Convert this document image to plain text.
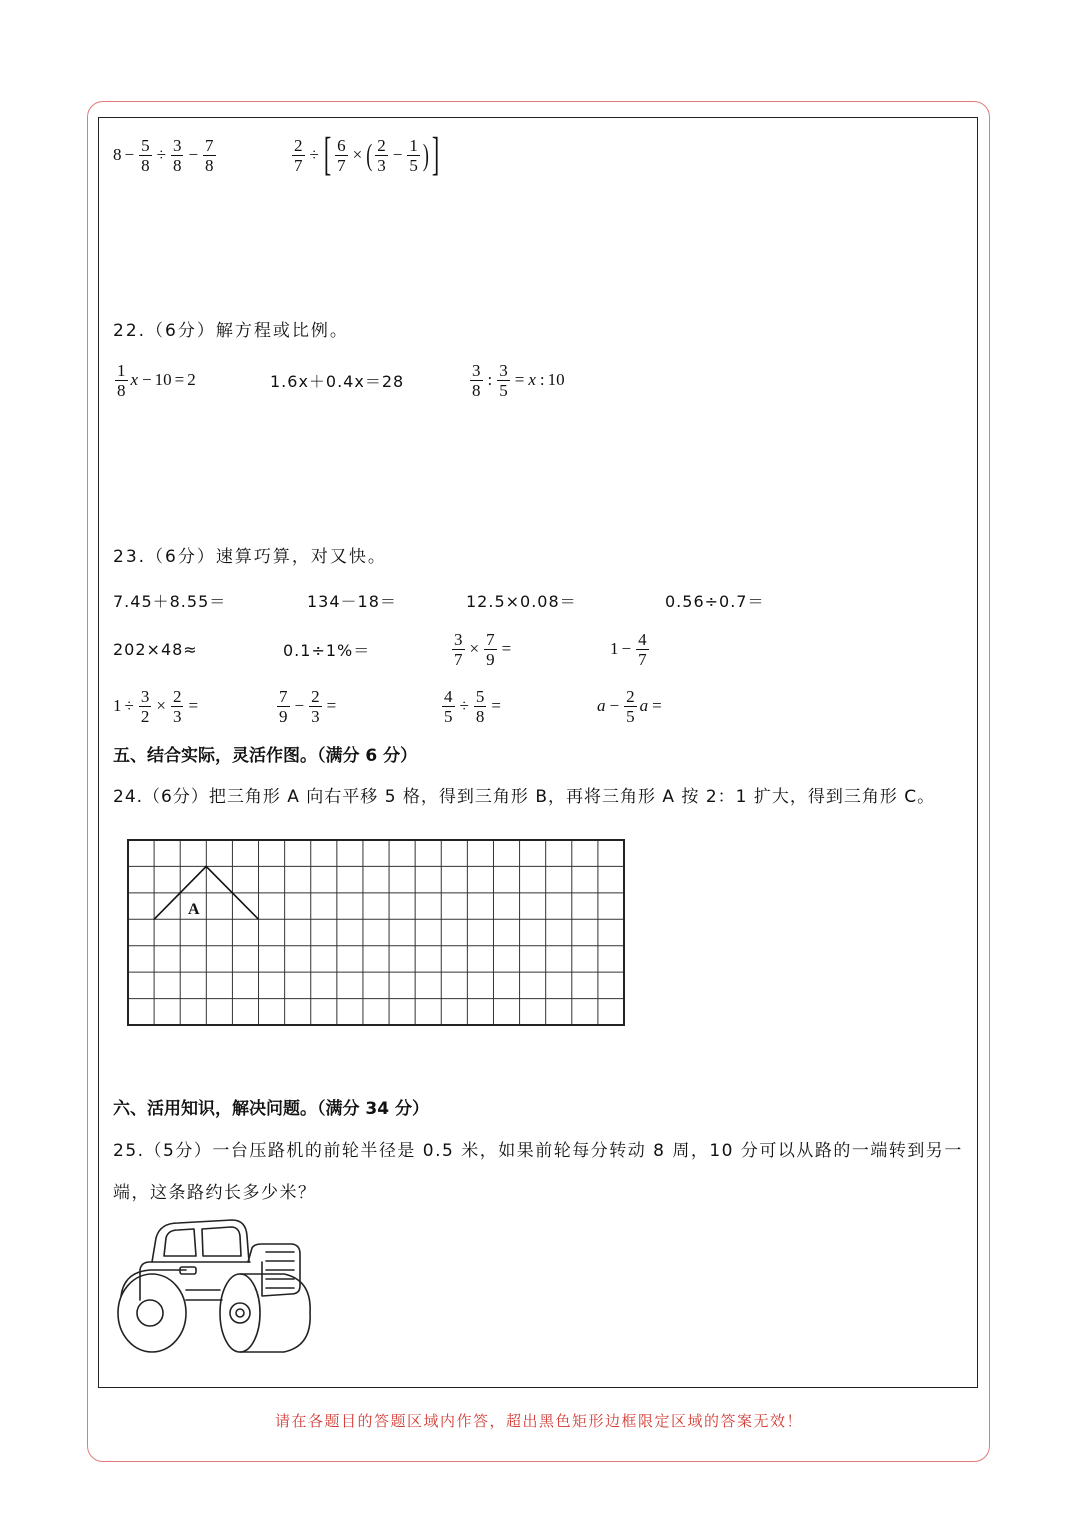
$8 - \frac{5}{8} \div \frac{3}{8} - \frac{7}{8}$	$\frac{2}{7}$ ÷ [ $\frac{6}{7}$ × ( $\frac{2}{3} - \frac{1}{5}$ ) ]
22.（6分）解方程或比例。
$\frac{1}{8}$ x − 10 = 2	1.6x＋0.4x＝28	$\frac{3}{8}$ : $\frac{3}{5} = x$ : 10
23.（6分）速算巧算，对又快。
7.45＋8.55＝	134－18＝	12.5×0.08＝	0.56÷0.7＝
202×48≈	0.1÷1%＝	$\frac{3}{7} \times \frac{7}{9}$ =	$1 - \frac{4}{7}$
$1 \div \frac{3}{2} \times \frac{2}{3}$ =	$\frac{7}{9} - \frac{2}{3}$ =	$\frac{4}{5} \div \frac{5}{8}$ =	$a - \frac{2}{5}$ a =
五、结合实际，灵活作图。（满分 6 分）
24.（6分）把三角形 A 向右平移 5 格，得到三角形 B，再将三角形 A 按 2：1 扩大，得到三角形 C。
A
六、活用知识，解决问题。（满分 34 分）
25.（5分）一台压路机的前轮半径是 0.5 米，如果前轮每分转动 8 周，10 分可以从路的一端转到另一
端，这条路约长多少米？
请在各题目的答题区域内作答，超出黑色矩形边框限定区域的答案无效！
